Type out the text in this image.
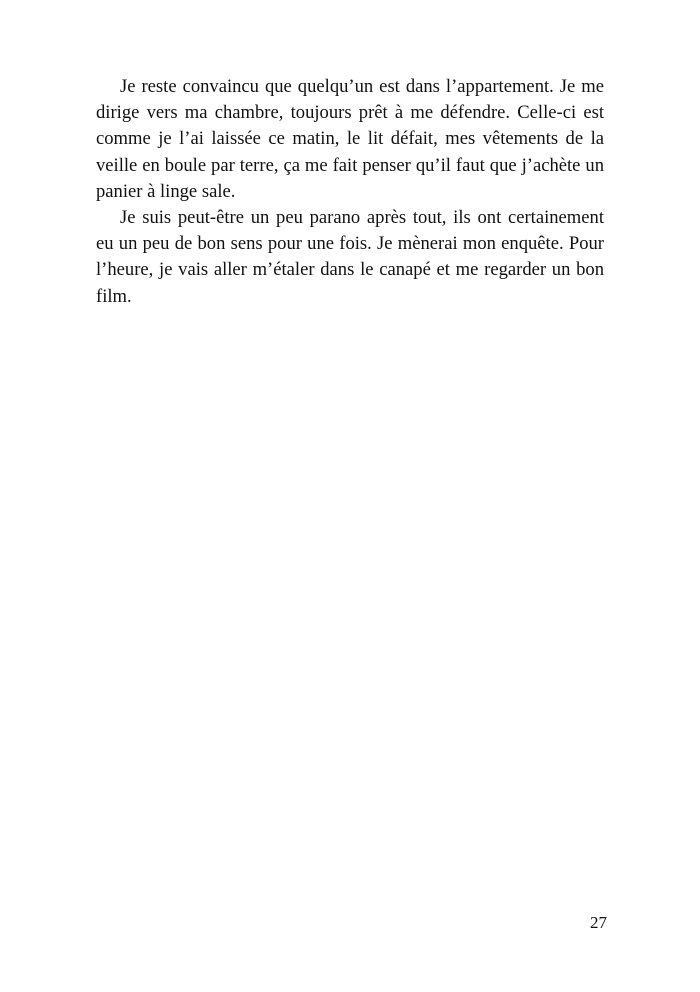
Je reste convaincu que quelqu’un est dans l’appartement. Je me dirige vers ma chambre, toujours prêt à me défendre. Celle-ci est comme je l’ai laissée ce matin, le lit défait, mes vêtements de la veille en boule par terre, ça me fait penser qu’il faut que j’achète un panier à linge sale.

Je suis peut-être un peu parano après tout, ils ont certainement eu un peu de bon sens pour une fois. Je mènerai mon enquête. Pour l’heure, je vais aller m’étaler dans le canapé et me regarder un bon film.

27
